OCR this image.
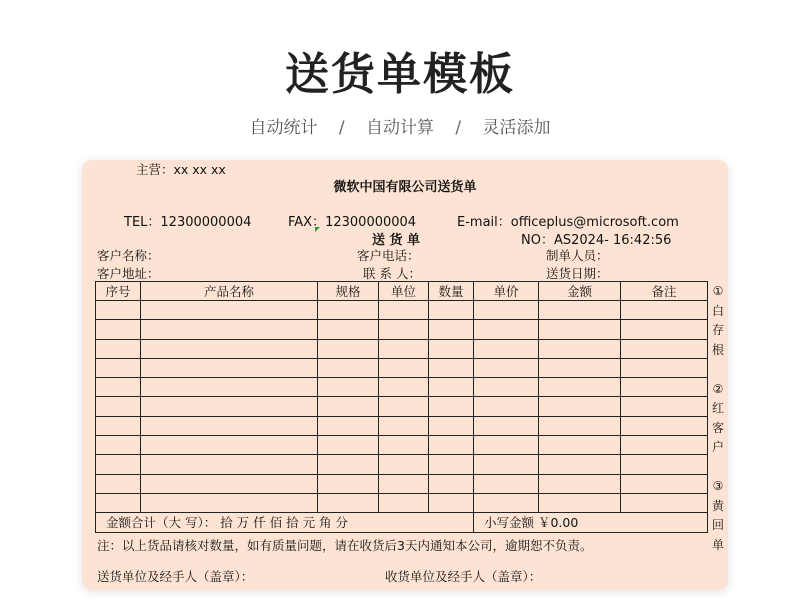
送货单模板
自动统计 / 自动计算 / 灵活添加
主营：xx xx xx
微软中国有限公司送货单
TEL：12300000004	FAX：12300000004	E-mail：officeplus@microsoft.com
送 货 单	NO：AS2024- 16:42:56
客户名称：	客户电话：	制单人员：
客户地址：	联 系 人：	送货日期：
序号	产品名称	规格	单位	数量	单价	金额	备注

金额合计（大 写）： 拾 万 仟 佰 拾 元 角 分					小写金额 ￥0.00		
①
白
存
根

②
红
客
户

③
黄
回
单
注：以上货品请核对数量，如有质量问题，请在收货后3天内通知本公司，逾期恕不负责。
送货单位及经手人（盖章）：	收货单位及经手人（盖章）：
